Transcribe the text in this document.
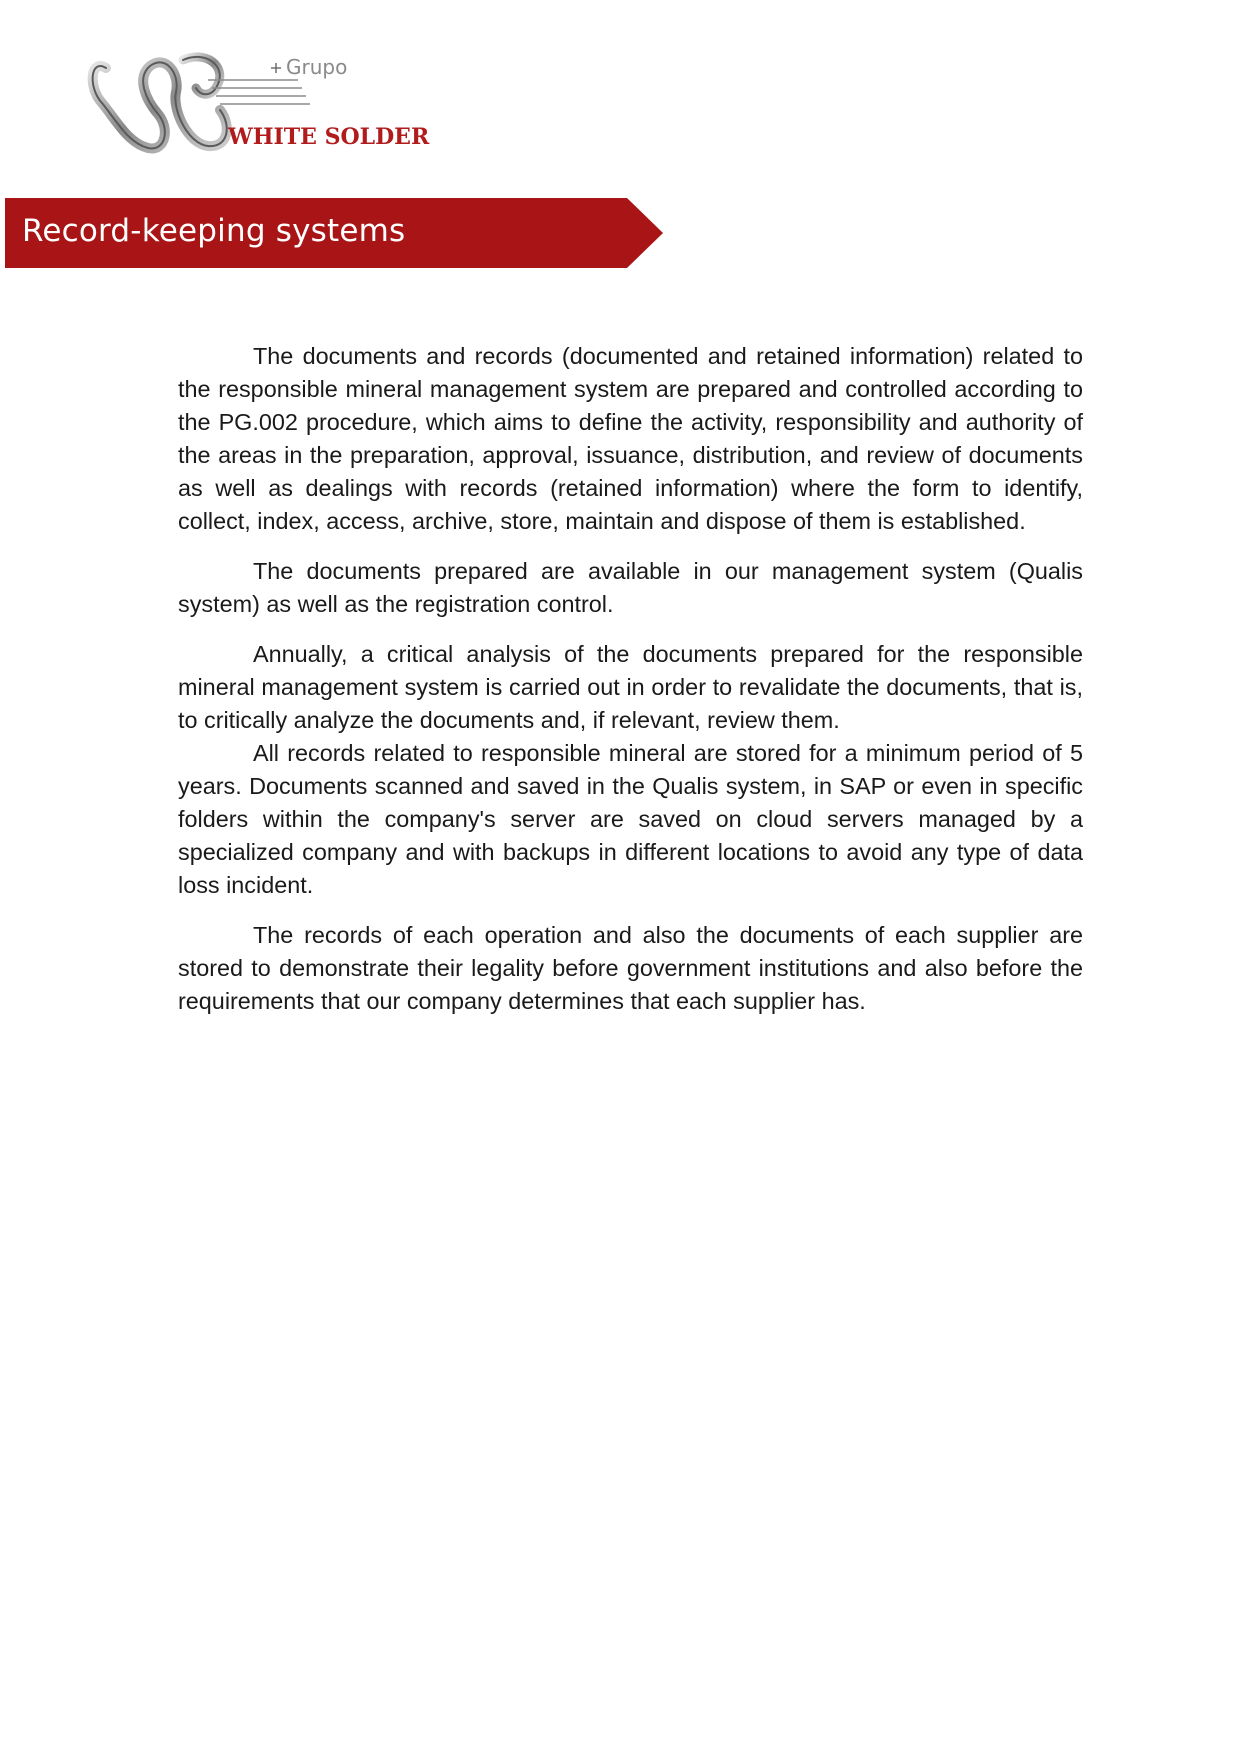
Grupo
WHITE SOLDER
Record-keeping systems

The documents and records (documented and retained information) related to the responsible mineral management system are prepared and controlled according to the PG.002 procedure, which aims to define the activity, responsibility and authority of the areas in the preparation, approval, issuance, distribution, and review of documents as well as dealings with records (retained information) where the form to identify, collect, index, access, archive, store, maintain and dispose of them is established.

The documents prepared are available in our management system (Qualis system) as well as the registration control.

Annually, a critical analysis of the documents prepared for the responsible mineral management system is carried out in order to revalidate the documents, that is, to critically analyze the documents and, if relevant, review them.

All records related to responsible mineral are stored for a minimum period of 5 years. Documents scanned and saved in the Qualis system, in SAP or even in specific folders within the company's server are saved on cloud servers managed by a specialized company and with backups in different locations to avoid any type of data loss incident.

The records of each operation and also the documents of each supplier are stored to demonstrate their legality before government institutions and also before the requirements that our company determines that each supplier has.
